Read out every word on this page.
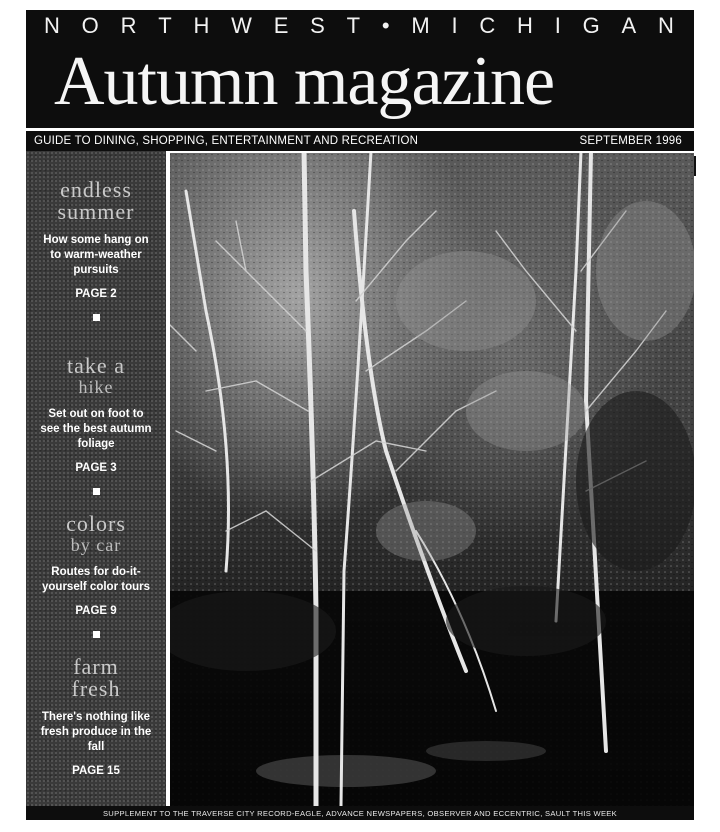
N O R T H W E S T • M I C H I G A N
Autumn magazine
GUIDE TO DINING, SHOPPING, ENTERTAINMENT AND RECREATION	SEPTEMBER 1996
endless
summer
How some hang on to warm-weather pursuits
PAGE 2
take a
hike
Set out on foot to see the best autumn foliage
PAGE 3
colors
by car
Routes for do-it-yourself color tours
PAGE 9
farm
fresh
There's nothing like fresh produce in the fall
PAGE 15
SUPPLEMENT TO THE TRAVERSE CITY RECORD-EAGLE, ADVANCE NEWSPAPERS, OBSERVER AND ECCENTRIC, SAULT THIS WEEK
